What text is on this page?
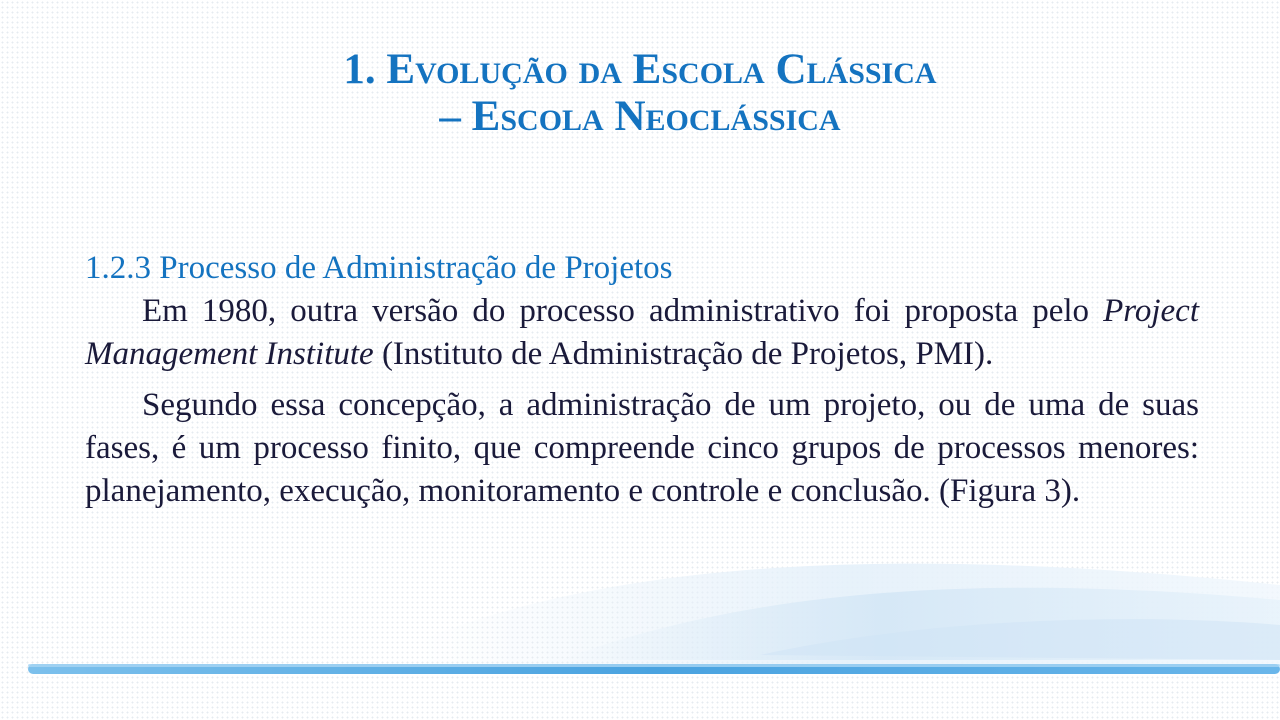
1. Evolução da Escola Clássica
– Escola Neoclássica

1.2.3 Processo de Administração de Projetos

Em 1980, outra versão do processo administrativo foi proposta pelo Project Management Institute (Instituto de Administração de Projetos, PMI).

Segundo essa concepção, a administração de um projeto, ou de uma de suas fases, é um processo finito, que compreende cinco grupos de processos menores: planejamento, execução, monitoramento e controle e conclusão. (Figura 3).
